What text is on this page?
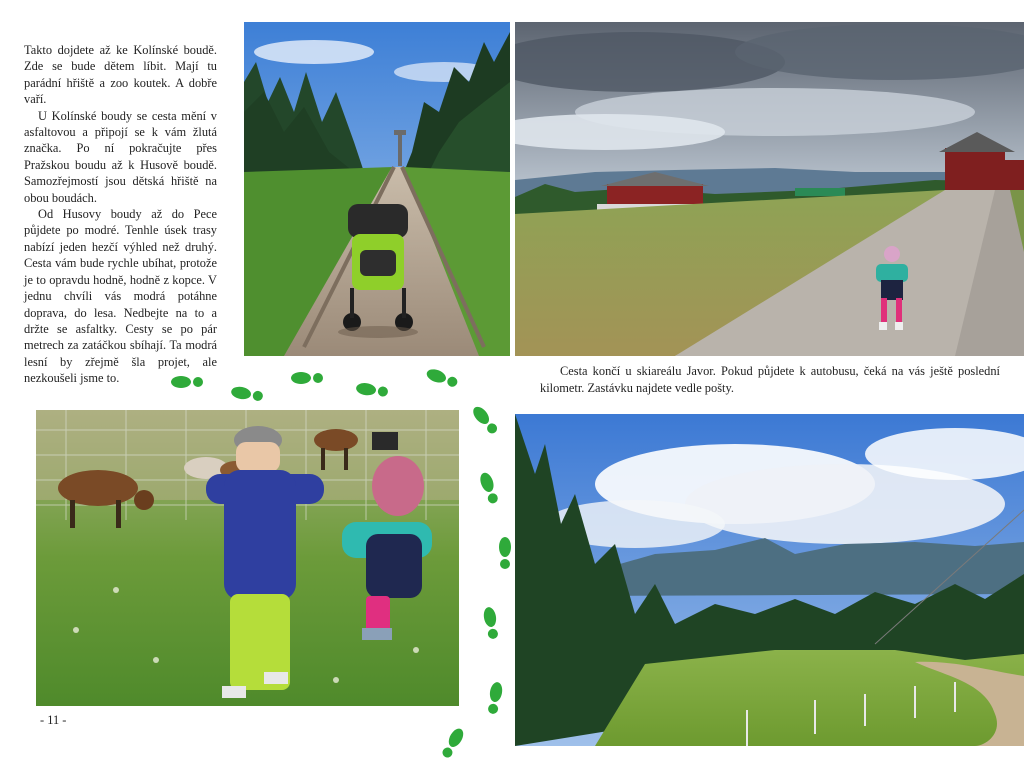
Takto dojdete až ke Kolínské boudě. Zde se bude dětem líbit. Mají tu parádní hřiště a zoo koutek. A dobře vaří.

U Kolínské boudy se cesta mění v asfaltovou a připojí se k vám žlutá značka. Po ní pokračujte přes Pražskou boudu až k Husově boudě. Samozřejmostí jsou dětská hřiště na obou boudách.

Od Husovy boudy až do Pece půjdete po modré. Tenhle úsek trasy nabízí jeden hezčí výhled než druhý. Cesta vám bude rychle ubíhat, protože je to opravdu hodně, hodně z kopce. V jednu chvíli vás modrá potáhne doprava, do lesa. Nedbejte na to a držte se asfaltky. Cesty se po pár metrech za zatáčkou sbíhají. Ta modrá lesní by zřejmě šla projet, ale nezkoušeli jsme to.

Cesta končí u skiareálu Javor. Pokud půjdete k autobusu, čeká na vás ještě poslední kilometr. Zastávku najdete vedle pošty.

- 11 -
